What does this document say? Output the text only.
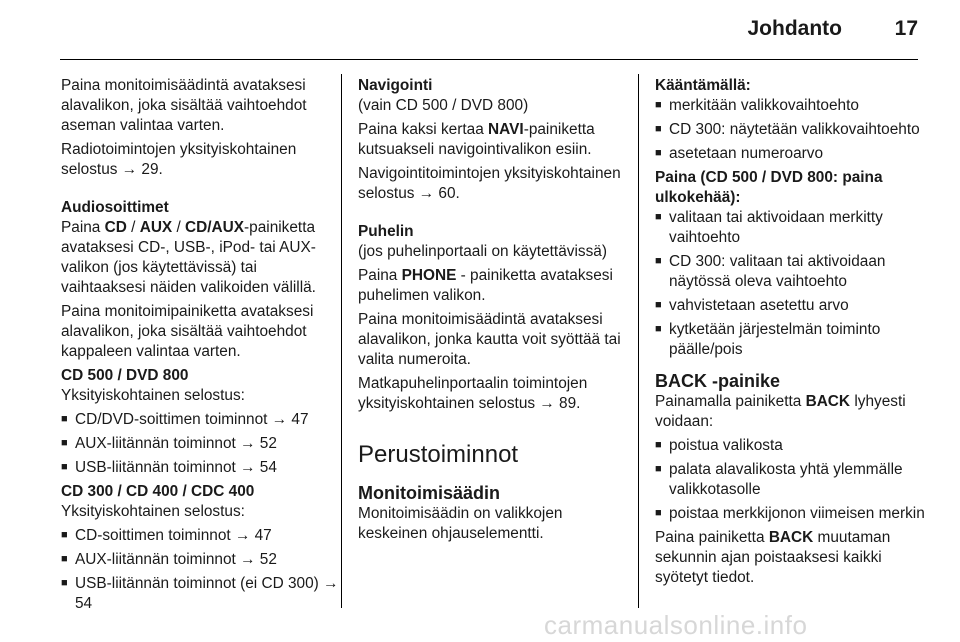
Johdanto	17

Paina monitoimisäädintä avataksesi alavalikon, joka sisältää vaihtoehdot aseman valintaa varten.

Radiotoimintojen yksityiskohtainen selostus → 29.

Audiosoittimet

Paina CD / AUX / CD/AUX-painiketta avataksesi CD-, USB-, iPod- tai AUX-valikon (jos käytettävissä) tai vaihtaaksesi näiden valikoiden välillä.

Paina monitoimipainiketta avataksesi alavalikon, joka sisältää vaihtoehdot kappaleen valintaa varten.

CD 500 / DVD 800

Yksityiskohtainen selostus:

■ CD/DVD-soittimen toiminnot → 47
■ AUX-liitännän toiminnot → 52
■ USB-liitännän toiminnot → 54
CD 300 / CD 400 / CDC 400

Yksityiskohtainen selostus:

■ CD-soittimen toiminnot → 47
■ AUX-liitännän toiminnot → 52
■ USB-liitännän toiminnot (ei CD 300) → 54
Navigointi

(vain CD 500 / DVD 800)

Paina kaksi kertaa NAVI-painiketta kutsuakseli navigointivalikon esiin.

Navigointitoimintojen yksityiskohtainen selostus → 60.

Puhelin

(jos puhelinportaali on käytettävissä)

Paina PHONE - painiketta avataksesi puhelimen valikon.

Paina monitoimisäädintä avataksesi alavalikon, jonka kautta voit syöttää tai valita numeroita.

Matkapuhelinportaalin toimintojen yksityiskohtainen selostus → 89.

Perustoiminnot
Monitoimisäädin

Monitoimisäädin on valikkojen keskeinen ohjauselementti.

Kääntämällä:
■ merkitään valikkovaihtoehto
■ CD 300: näytetään valikkovaihtoehto
■ asetetaan numeroarvo
Paina (CD 500 / DVD 800: paina ulkokehää):
■ valitaan tai aktivoidaan merkitty vaihtoehto
■ CD 300: valitaan tai aktivoidaan näytössä oleva vaihtoehto
■ vahvistetaan asetettu arvo
■ kytketään järjestelmän toiminto päälle/pois
BACK -painike

Painamalla painiketta BACK lyhyesti voidaan:

■ poistua valikosta
■ palata alavalikosta yhtä ylemmälle valikkotasolle
■ poistaa merkkijonon viimeisen merkin

Paina painiketta BACK muutaman sekunnin ajan poistaaksesi kaikki syötetyt tiedot.

carmanualsonline.info
